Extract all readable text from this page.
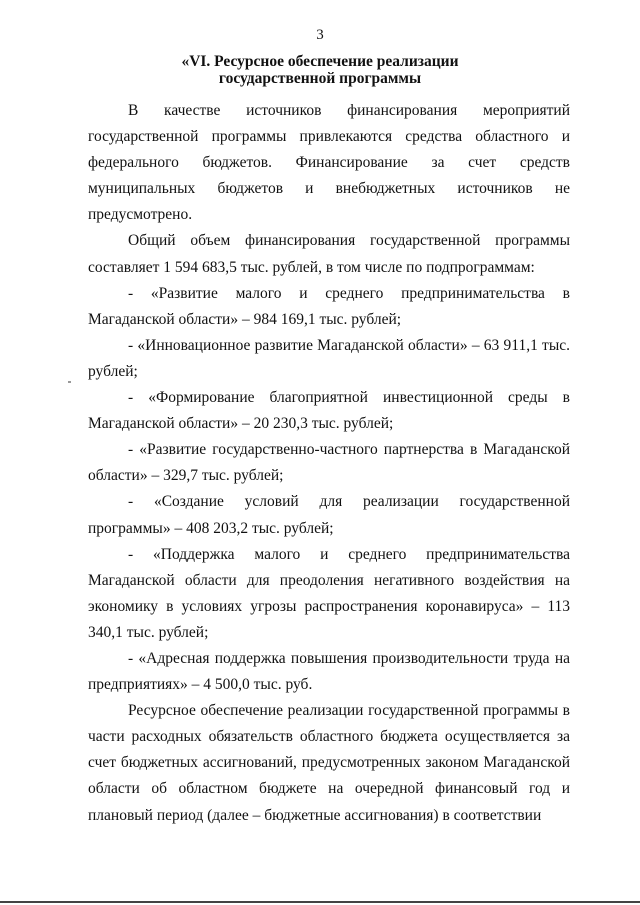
3
«VI. Ресурсное обеспечение реализации
государственной программы

В качестве источников финансирования мероприятий государственной программы привлекаются средства областного и федерального бюджетов. Финансирование за счет средств муниципальных бюджетов и внебюджетных источников не предусмотрено.

Общий объем финансирования государственной программы составляет 1 594 683,5 тыс. рублей, в том числе по подпрограммам:

- «Развитие малого и среднего предпринимательства в Магаданской области» – 984 169,1 тыс. рублей;

- «Инновационное развитие Магаданской области» – 63 911,1 тыс. рублей;

- «Формирование благоприятной инвестиционной среды в Магаданской области» – 20 230,3 тыс. рублей;

- «Развитие государственно-частного партнерства в Магаданской области» – 329,7 тыс. рублей;

- «Создание условий для реализации государственной программы» – 408 203,2 тыс. рублей;

- «Поддержка малого и среднего предпринимательства Магаданской области для преодоления негативного воздействия на экономику в условиях угрозы распространения коронавируса» – 113 340,1 тыс. рублей;

- «Адресная поддержка повышения производительности труда на предприятиях» – 4 500,0 тыс. руб.

Ресурсное обеспечение реализации государственной программы в части расходных обязательств областного бюджета осуществляется за счет бюджетных ассигнований, предусмотренных законом Магаданской области об областном бюджете на очередной финансовый год и плановый период (далее – бюджетные ассигнования) в соответствии
